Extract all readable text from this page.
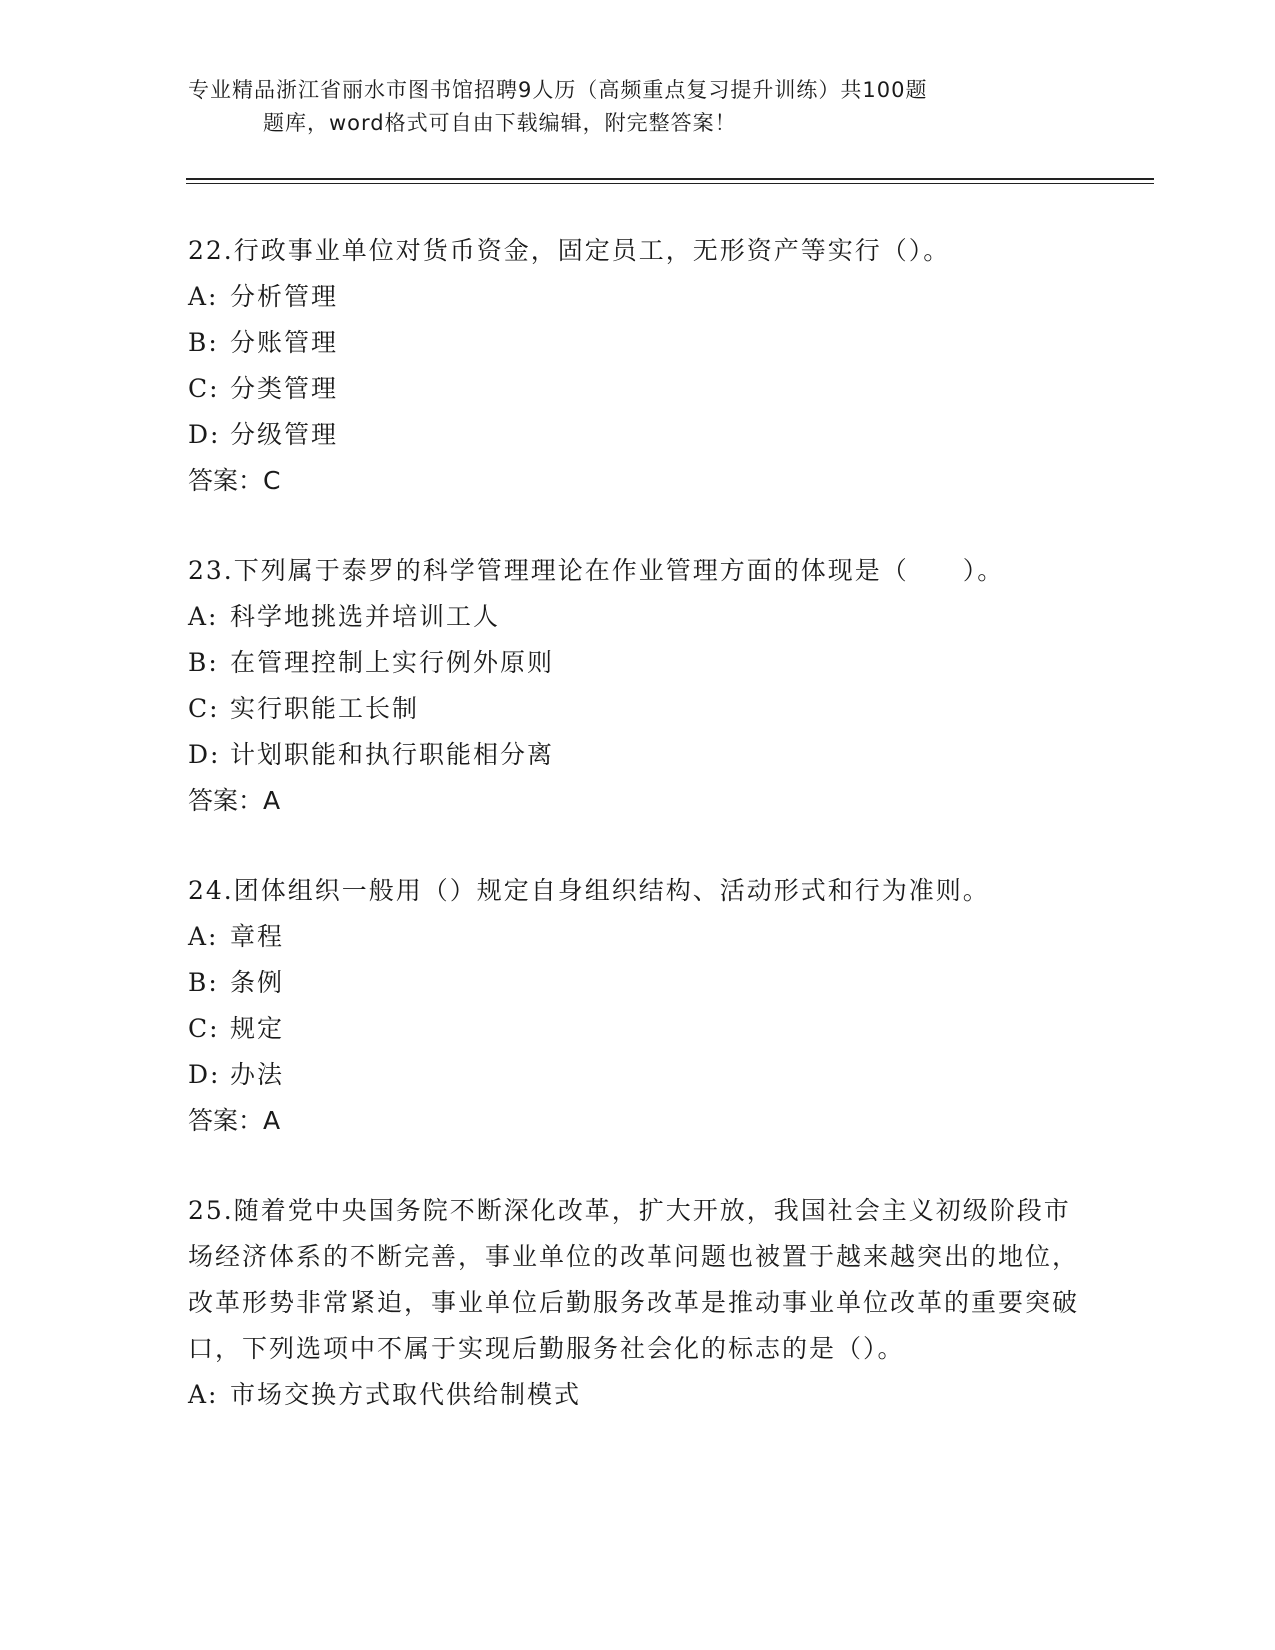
专业精品浙江省丽水市图书馆招聘9人历（高频重点复习提升训练）共100题
题库，word格式可自由下载编辑，附完整答案！
22.行政事业单位对货币资金，固定员工，无形资产等实行（）。
A: 分析管理
B: 分账管理
C: 分类管理
D: 分级管理
答案：C
23.下列属于泰罗的科学管理理论在作业管理方面的体现是（　　）。
A: 科学地挑选并培训工人
B: 在管理控制上实行例外原则
C: 实行职能工长制
D: 计划职能和执行职能相分离
答案：A
24.团体组织一般用（）规定自身组织结构、活动形式和行为准则。
A: 章程
B: 条例
C: 规定
D: 办法
答案：A
25.随着党中央国务院不断深化改革，扩大开放，我国社会主义初级阶段市场经济体系的不断完善，事业单位的改革问题也被置于越来越突出的地位，改革形势非常紧迫，事业单位后勤服务改革是推动事业单位改革的重要突破口，下列选项中不属于实现后勤服务社会化的标志的是（）。
A: 市场交换方式取代供给制模式
